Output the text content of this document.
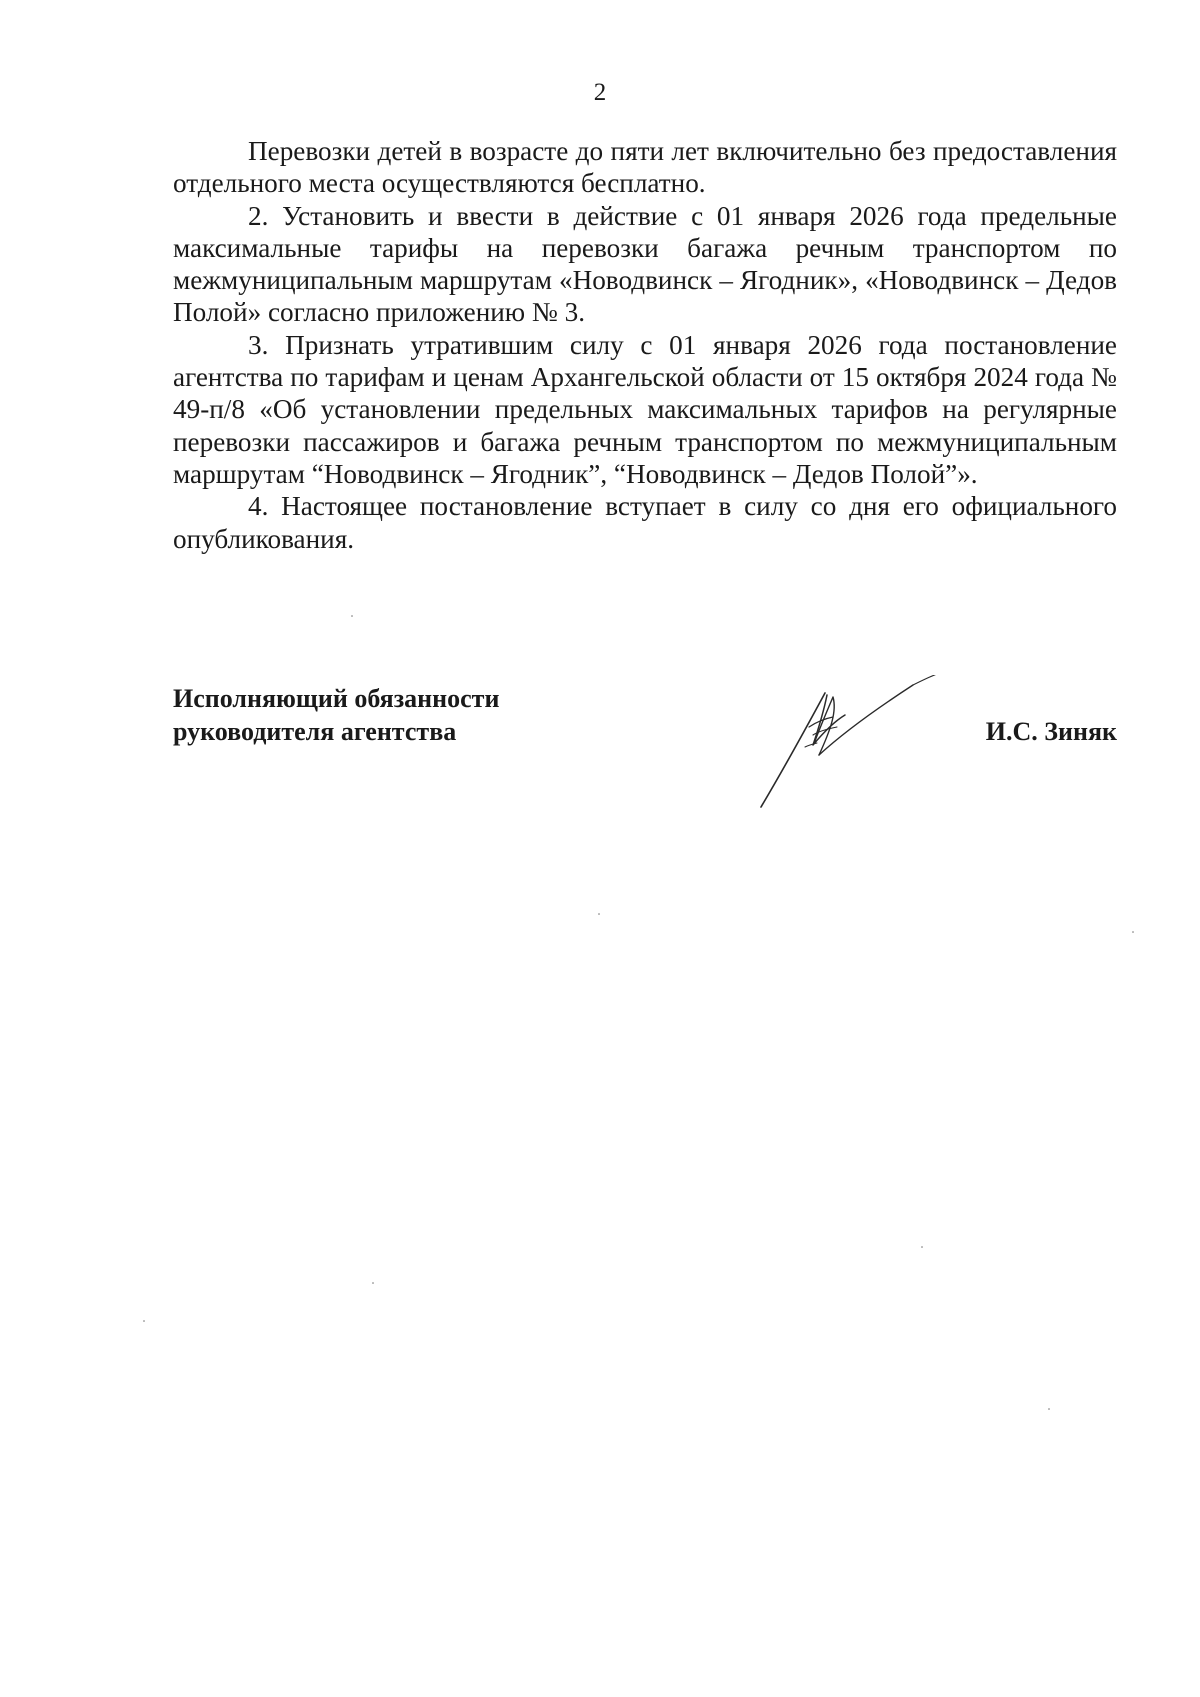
2

Перевозки детей в возрасте до пяти лет включительно без предоставления отдельного места осуществляются бесплатно.

2. Установить и ввести в действие с 01 января 2026 года предельные максимальные тарифы на перевозки багажа речным транспортом по межмуниципальным маршрутам «Новодвинск – Ягодник», «Новодвинск – Дедов Полой» согласно приложению № 3.

3. Признать утратившим силу с 01 января 2026 года постановление агентства по тарифам и ценам Архангельской области от 15 октября 2024 года № 49-п/8 «Об установлении предельных максимальных тарифов на регулярные перевозки пассажиров и багажа речным транспортом по межмуниципальным маршрутам “Новодвинск – Ягодник”, “Новодвинск – Дедов Полой”».

4. Настоящее постановление вступает в силу со дня его официального опубликования.

Исполняющий обязанности
руководителя агентства	И.С. Зиняк
